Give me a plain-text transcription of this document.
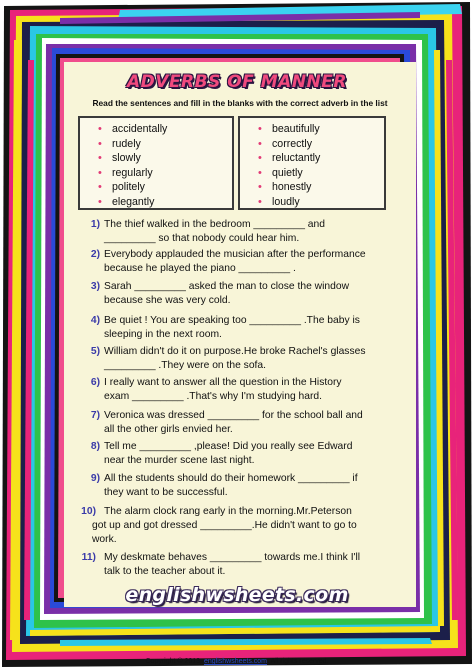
ADVERBS OF MANNER
Read the sentences and fill in the blanks with the correct adverb in the list
• accidentally
• rudely
• slowly
• regularly
• politely
• elegantly
• beautifully
• correctly
• reluctantly
• quietly
• honestly
• loudly
1) The thief walked in the bedroom _________ and
_________ so that nobody could hear him.
2) Everybody applauded the musician after the performance
because he played the piano _________ .
3) Sarah _________ asked the man to close the window
because she was very cold.
4) Be quiet ! You are speaking too _________ .The baby is
sleeping in the next room.
5) William didn't do it on purpose.He broke Rachel's glasses
_________ .They were on the sofa.
6) I really want to answer all the question in the History
exam _________ .That's why I'm studying hard.
7) Veronica was dressed _________ for the school ball and
all the other girls envied her.
8) Tell me _________ ,please! Did you really see Edward
near the murder scene last night.
9) All the students should do their homework _________ if
they want to be successful.
10) The alarm clock rang early in the morning.Mr.Peterson
got up and got dressed _________.He didn't want to go to
work.
11) My deskmate behaves _________ towards me.I think I'll
talk to the teacher about it.
englishwsheets.com
Copyright © 2013. englishwsheets.com. All rights reserved.
